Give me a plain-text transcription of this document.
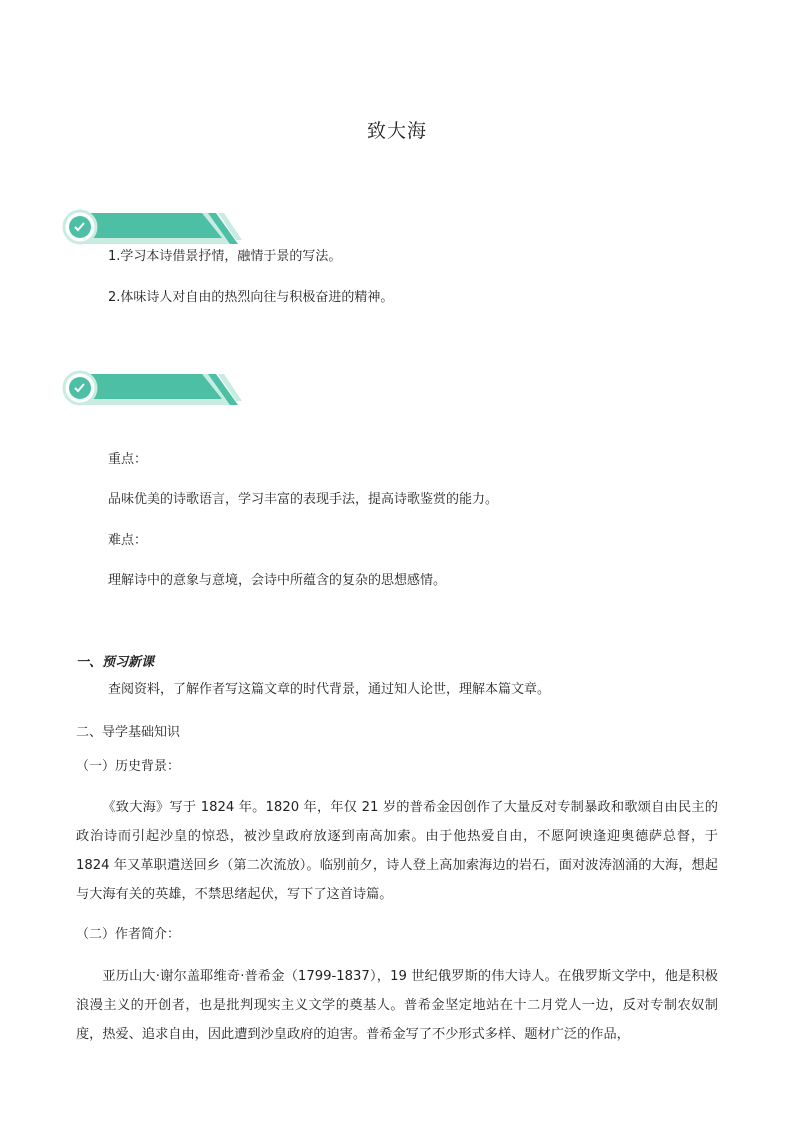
致大海
1.学习本诗借景抒情，融情于景的写法。
2.体味诗人对自由的热烈向往与积极奋进的精神。
重点：
品味优美的诗歌语言，学习丰富的表现手法，提高诗歌鉴赏的能力。
难点：
理解诗中的意象与意境，会诗中所蕴含的复杂的思想感情。
一、预习新课
查阅资料，了解作者写这篇文章的时代背景，通过知人论世，理解本篇文章。
二、导学基础知识
（一）历史背景：

《致大海》写于 1824 年。1820 年，年仅 21 岁的普希金因创作了大量反对专制暴政和歌颂自由民主的政治诗而引起沙皇的惊恐，被沙皇政府放逐到南高加索。由于他热爱自由，不愿阿谀逢迎奥德萨总督，于 1824 年又革职遣送回乡（第二次流放）。临别前夕，诗人登上高加索海边的岩石，面对波涛汹涌的大海，想起与大海有关的英雄，不禁思绪起伏，写下了这首诗篇。

（二）作者简介：

亚历山大·谢尔盖耶维奇·普希金（1799-1837），19 世纪俄罗斯的伟大诗人。在俄罗斯文学中，他是积极浪漫主义的开创者，也是批判现实主义文学的奠基人。普希金坚定地站在十二月党人一边，反对专制农奴制度，热爱、追求自由，因此遭到沙皇政府的迫害。普希金写了不少形式多样、题材广泛的作品，
